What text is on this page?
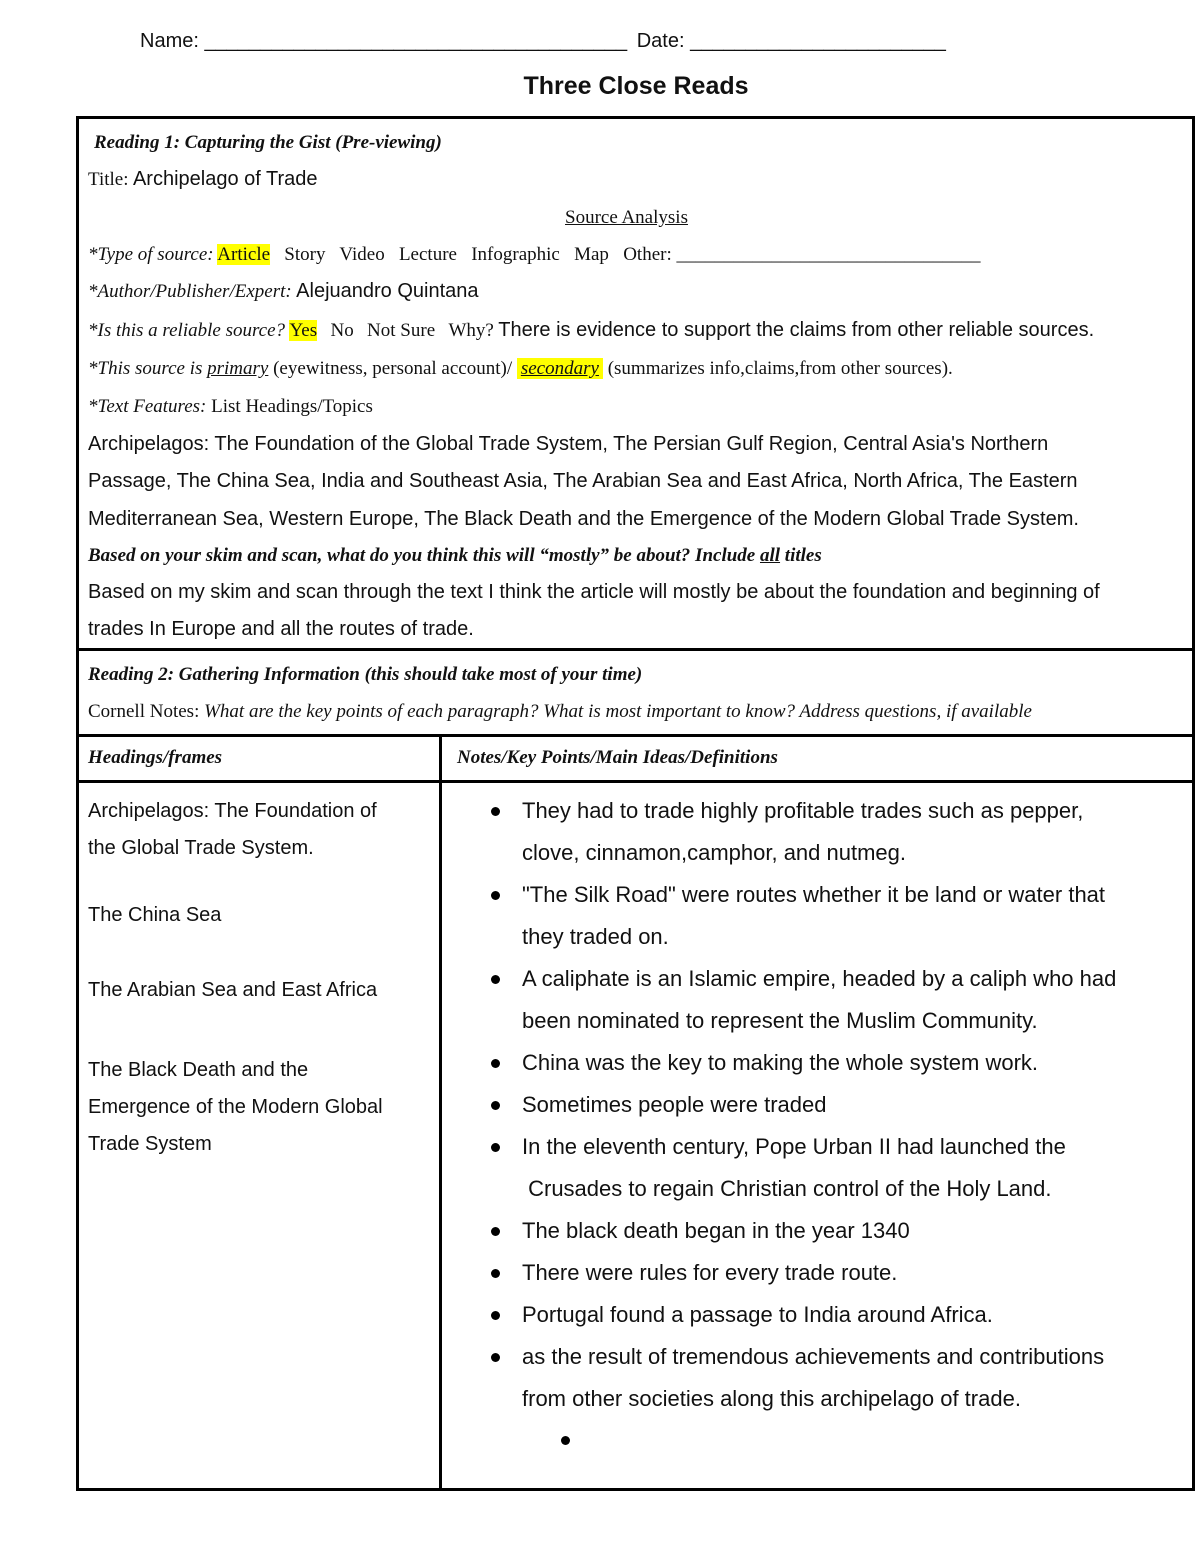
Name: ______________________________________ Date: _______________________
Three Close Reads
Reading 1: Capturing the Gist (Pre-viewing)
Title: Archipelago of Trade
Source Analysis
*Type of source: Article Story Video Lecture Infographic Map Other: ________________________________
*Author/Publisher/Expert: Alejuandro Quintana
*Is this a reliable source? Yes No Not Sure Why? There is evidence to support the claims from other reliable sources.
*This source is primary (eyewitness, personal account)/ secondary (summarizes info,claims,from other sources).
*Text Features: List Headings/Topics
Archipelagos: The Foundation of the Global Trade System, The Persian Gulf Region, Central Asia's Northern
Passage, The China Sea, India and Southeast Asia, The Arabian Sea and East Africa, North Africa, The Eastern
Mediterranean Sea, Western Europe, The Black Death and the Emergence of the Modern Global Trade System.
Based on your skim and scan, what do you think this will “mostly” be about? Include all titles
Based on my skim and scan through the text I think the article will mostly be about the foundation and beginning of
trades In Europe and all the routes of trade.
Reading 2: Gathering Information (this should take most of your time)
Cornell Notes: What are the key points of each paragraph? What is most important to know? Address questions, if available
Headings/frames	Notes/Key Points/Main Ideas/Definitions
Archipelagos: The Foundation of
the Global Trade System.
The China Sea
The Arabian Sea and East Africa
The Black Death and the
Emergence of the Modern Global
Trade System
They had to trade highly profitable trades such as pepper,
clove, cinnamon,camphor, and nutmeg.
"The Silk Road" were routes whether it be land or water that
they traded on.
A caliphate is an Islamic empire, headed by a caliph who had
been nominated to represent the Muslim Community.
China was the key to making the whole system work.
Sometimes people were traded
In the eleventh century, Pope Urban II had launched the
Crusades to regain Christian control of the Holy Land.
The black death began in the year 1340
There were rules for every trade route.
Portugal found a passage to India around Africa.
as the result of tremendous achievements and contributions
from other societies along this archipelago of trade.
